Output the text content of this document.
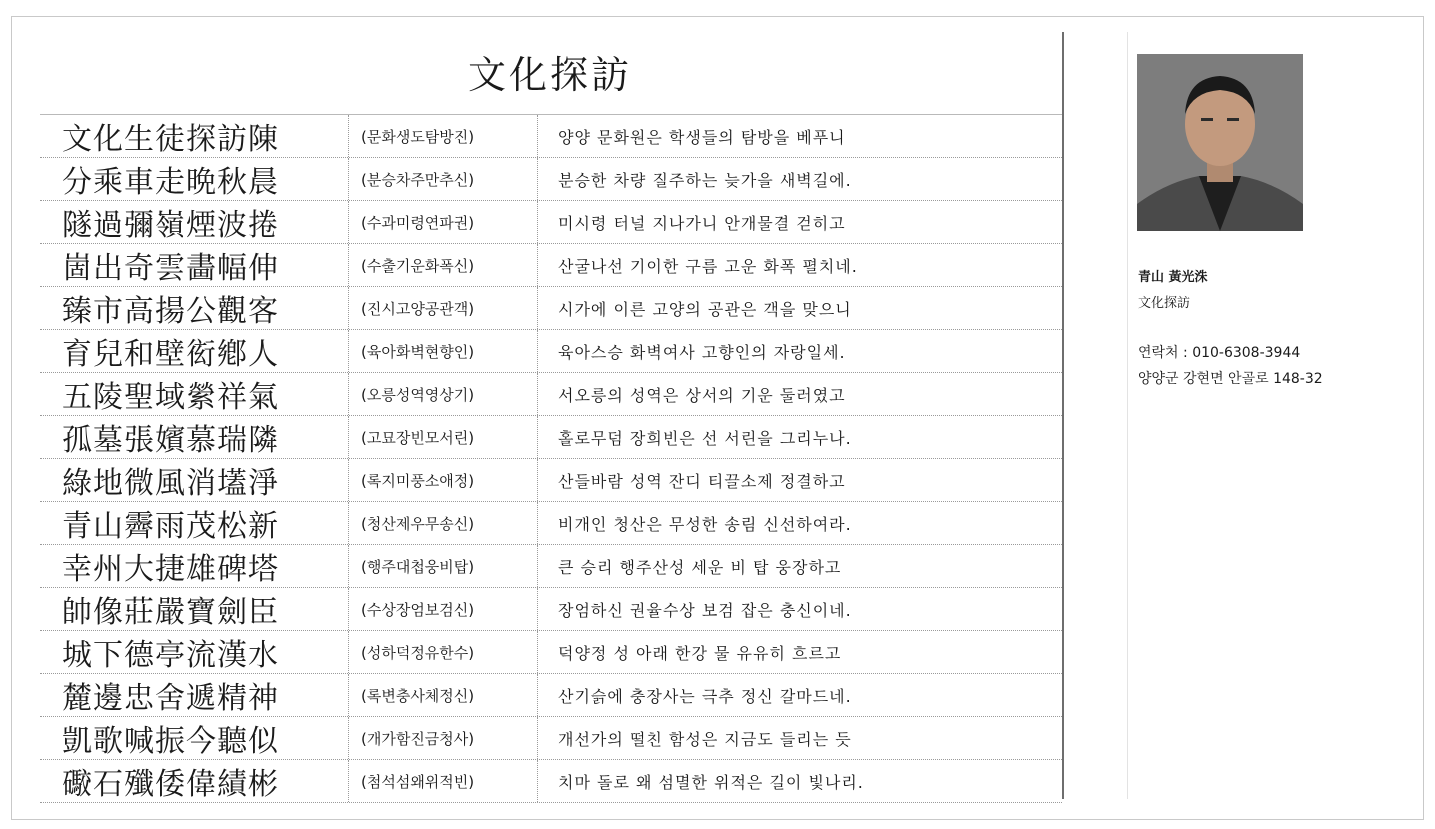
文化探訪
文化生徒探訪陳	(문화생도탐방진)	양양 문화원은 학생들의 탐방을 베푸니
分乘車走晩秋晨	(분승차주만추신)	분승한 차량 질주하는 늦가을 새벽길에.
隧過彌嶺煙波捲	(수과미령연파권)	미시령 터널 지나가니 안개물결 걷히고
崮出奇雲畵幅伸	(수출기운화폭신)	산굴나선 기이한 구름 고운 화폭 펼치네.
臻市高揚公觀客	(진시고양공관객)	시가에 이른 고양의 공관은 객을 맞으니
育兒和壁衒鄕人	(육아화벽현향인)	육아스승 화벽여사 고향인의 자랑일세.
五陵聖域縈祥氣	(오릉성역영상기)	서오릉의 성역은 상서의 기운 둘러였고
孤墓張嬪慕瑞隣	(고묘장빈모서린)	홀로무덤 장희빈은 선 서린을 그리누나.
綠地微風消壒淨	(록지미풍소애정)	산들바람 성역 잔디 티끌소제 정결하고
青山霽雨茂松新	(청산제우무송신)	비개인 청산은 무성한 송림 신선하여라.
幸州大捷雄碑塔	(행주대첩웅비탑)	큰 승리 행주산성 세운 비 탑 웅장하고
帥像莊嚴寶劍臣	(수상장엄보검신)	장엄하신 권율수상 보검 잡은 충신이네.
城下德亭流漢水	(성하덕정유한수)	덕양정 성 아래 한강 물 유유히 흐르고
麓邊忠舍遞精神	(록변충사체정신)	산기슭에 충장사는 극추 정신 갈마드네.
凱歌喊振今聽似	(개가함진금청사)	개선가의 떨친 함성은 지금도 들리는 듯
礮石殲倭偉績彬	(첨석섬왜위적빈)	치마 돌로 왜 섬멸한 위적은 길이 빛나리.
青山 黃光洙
文化探訪
연락처 : 010-6308-3944
양양군 강현면 안골로 148-32
